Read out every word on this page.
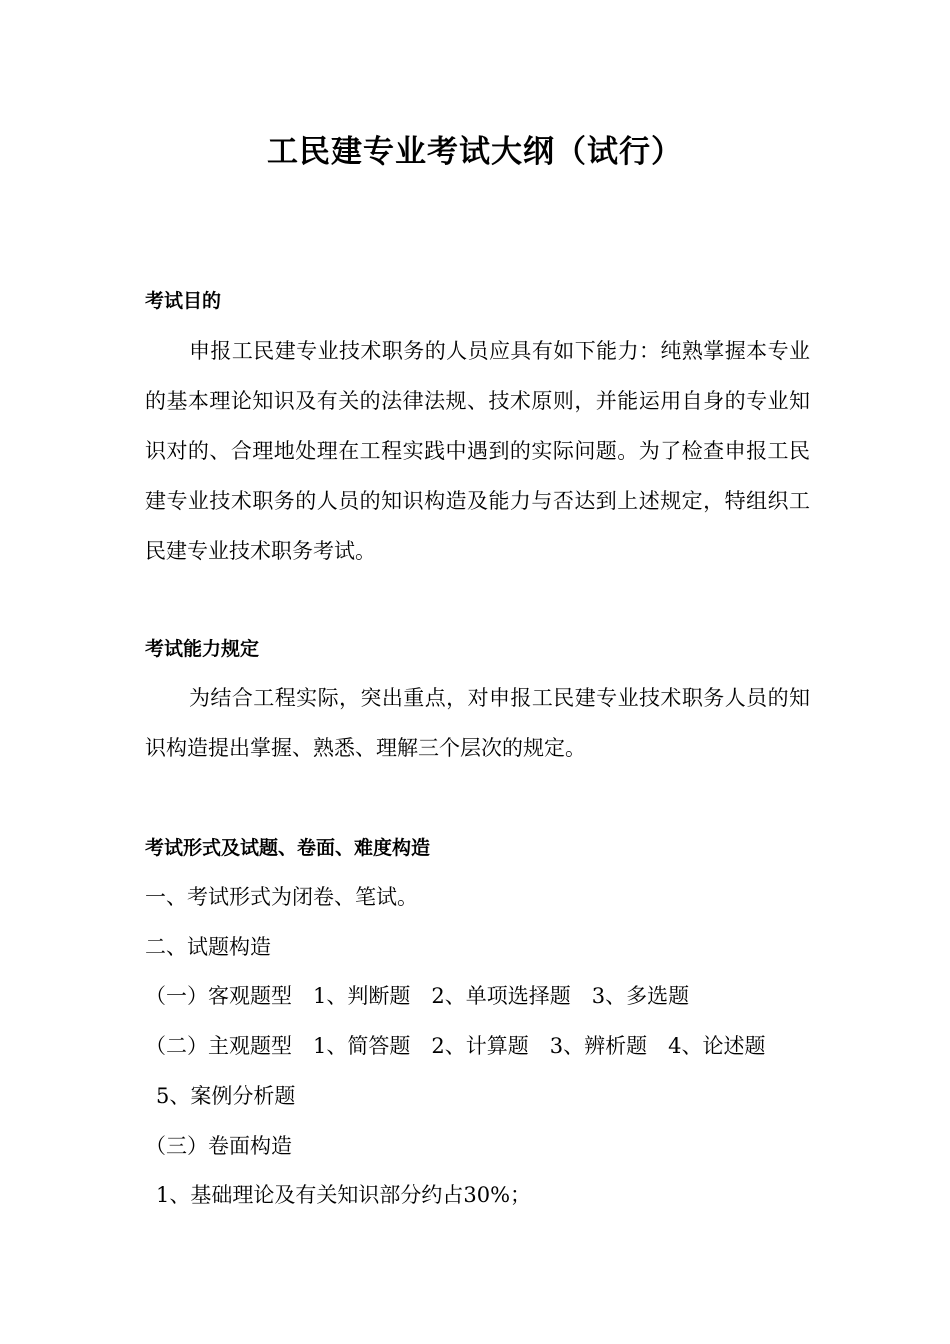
工民建专业考试大纲（试行）
考试目的

申报工民建专业技术职务的人员应具有如下能力：纯熟掌握本专业的基本理论知识及有关的法律法规、技术原则，并能运用自身的专业知识对的、合理地处理在工程实践中遇到的实际问题。为了检查申报工民建专业技术职务的人员的知识构造及能力与否达到上述规定，特组织工民建专业技术职务考试。

考试能力规定

为结合工程实际，突出重点，对申报工民建专业技术职务人员的知识构造提出掌握、熟悉、理解三个层次的规定。

考试形式及试题、卷面、难度构造

一、考试形式为闭卷、笔试。

二、试题构造

（一）客观题型　1、判断题　2、单项选择题　3、多选题

（二）主观题型　1、简答题　2、计算题　3、辨析题　4、论述题

5、案例分析题

（三）卷面构造

1、基础理论及有关知识部分约占30%；
